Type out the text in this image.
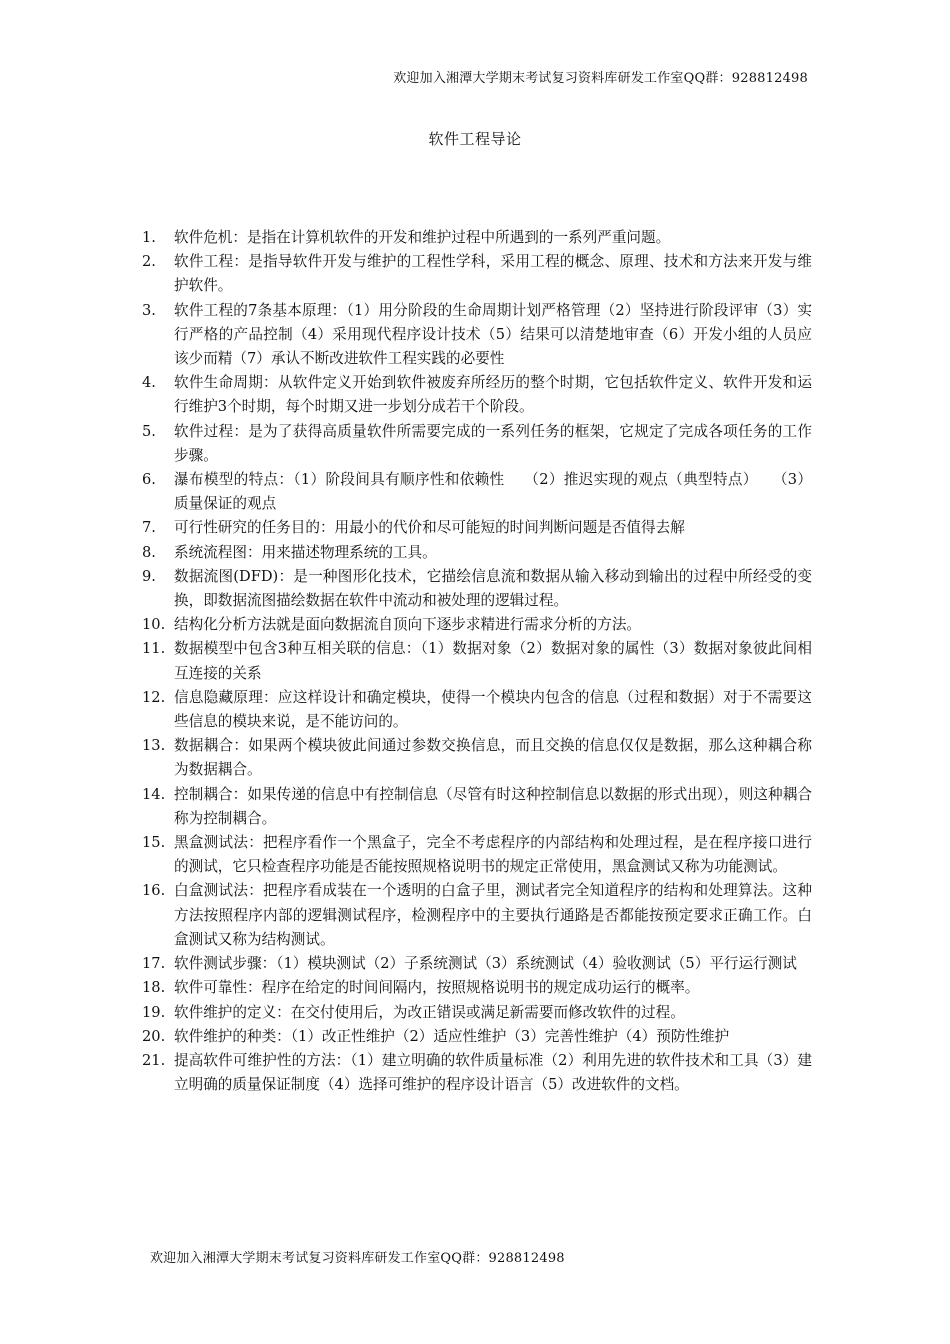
欢迎加入湘潭大学期末考试复习资料库研发工作室QQ群：928812498
软件工程导论
1.	软件危机：是指在计算机软件的开发和维护过程中所遇到的一系列严重问题。
2.	软件工程：是指导软件开发与维护的工程性学科，采用工程的概念、原理、技术和方法来开发与维护软件。
3.	软件工程的7条基本原理：（1）用分阶段的生命周期计划严格管理（2）坚持进行阶段评审（3）实行严格的产品控制（4）采用现代程序设计技术（5）结果可以清楚地审查（6）开发小组的人员应该少而精（7）承认不断改进软件工程实践的必要性
4.	软件生命周期：从软件定义开始到软件被废弃所经历的整个时期，它包括软件定义、软件开发和运行维护3个时期，每个时期又进一步划分成若干个阶段。
5.	软件过程：是为了获得高质量软件所需要完成的一系列任务的框架，它规定了完成各项任务的工作步骤。
6.	瀑布模型的特点：（1）阶段间具有顺序性和依赖性　 （2）推迟实现的观点（典型特点）　　（3）质量保证的观点
7.	可行性研究的任务目的：用最小的代价和尽可能短的时间判断问题是否值得去解
8.	系统流程图：用来描述物理系统的工具。
9.	数据流图(DFD)：是一种图形化技术，它描绘信息流和数据从输入移动到输出的过程中所经受的变换，即数据流图描绘数据在软件中流动和被处理的逻辑过程。
10. 结构化分析方法就是面向数据流自顶向下逐步求精进行需求分析的方法。
11. 数据模型中包含3种互相关联的信息：（1）数据对象（2）数据对象的属性（3）数据对象彼此间相互连接的关系
12. 信息隐藏原理：应这样设计和确定模块，使得一个模块内包含的信息（过程和数据）对于不需要这些信息的模块来说，是不能访问的。
13. 数据耦合：如果两个模块彼此间通过参数交换信息，而且交换的信息仅仅是数据，那么这种耦合称为数据耦合。
14. 控制耦合：如果传递的信息中有控制信息（尽管有时这种控制信息以数据的形式出现），则这种耦合称为控制耦合。
15. 黑盒测试法：把程序看作一个黑盒子，完全不考虑程序的内部结构和处理过程，是在程序接口进行的测试，它只检查程序功能是否能按照规格说明书的规定正常使用，黑盒测试又称为功能测试。
16. 白盒测试法：把程序看成装在一个透明的白盒子里，测试者完全知道程序的结构和处理算法。这种方法按照程序内部的逻辑测试程序，检测程序中的主要执行通路是否都能按预定要求正确工作。白盒测试又称为结构测试。
17. 软件测试步骤：（1）模块测试（2）子系统测试（3）系统测试（4）验收测试（5）平行运行测试
18. 软件可靠性：程序在给定的时间间隔内，按照规格说明书的规定成功运行的概率。
19. 软件维护的定义：在交付使用后，为改正错误或满足新需要而修改软件的过程。
20. 软件维护的种类：（1）改正性维护（2）适应性维护（3）完善性维护（4）预防性维护
21. 提高软件可维护性的方法：（1）建立明确的软件质量标准（2）利用先进的软件技术和工具（3）建立明确的质量保证制度（4）选择可维护的程序设计语言（5）改进软件的文档。
欢迎加入湘潭大学期末考试复习资料库研发工作室QQ群：928812498
